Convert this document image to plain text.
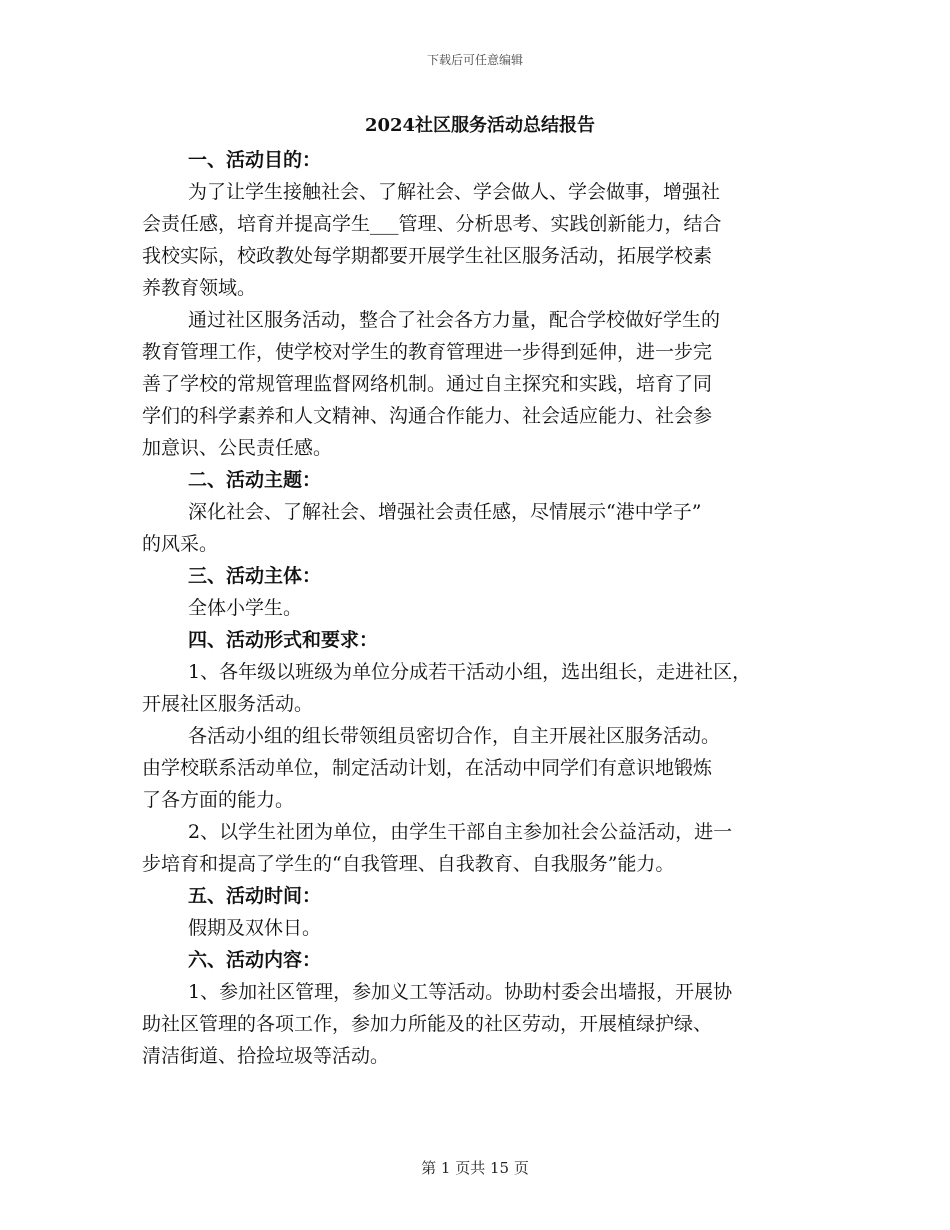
下载后可任意编辑
2024社区服务活动总结报告
一、活动目的：
为了让学生接触社会、了解社会、学会做人、学会做事，增强社
会责任感，培育并提高学生___管理、分析思考、实践创新能力，结合
我校实际，校政教处每学期都要开展学生社区服务活动，拓展学校素
养教育领域。
通过社区服务活动，整合了社会各方力量，配合学校做好学生的
教育管理工作，使学校对学生的教育管理进一步得到延伸，进一步完
善了学校的常规管理监督网络机制。通过自主探究和实践，培育了同
学们的科学素养和人文精神、沟通合作能力、社会适应能力、社会参
加意识、公民责任感。
二、活动主题：
深化社会、了解社会、增强社会责任感，尽情展示“港中学子”
的风采。
三、活动主体：
全体小学生。
四、活动形式和要求：
1、各年级以班级为单位分成若干活动小组，选出组长，走进社区，
开展社区服务活动。
各活动小组的组长带领组员密切合作，自主开展社区服务活动。
由学校联系活动单位，制定活动计划，在活动中同学们有意识地锻炼
了各方面的能力。
2、以学生社团为单位，由学生干部自主参加社会公益活动，进一
步培育和提高了学生的“自我管理、自我教育、自我服务”能力。
五、活动时间：
假期及双休日。
六、活动内容：
1、参加社区管理，参加义工等活动。协助村委会出墙报，开展协
助社区管理的各项工作，参加力所能及的社区劳动，开展植绿护绿、
清洁街道、拾捡垃圾等活动。
第 1 页共 15 页
